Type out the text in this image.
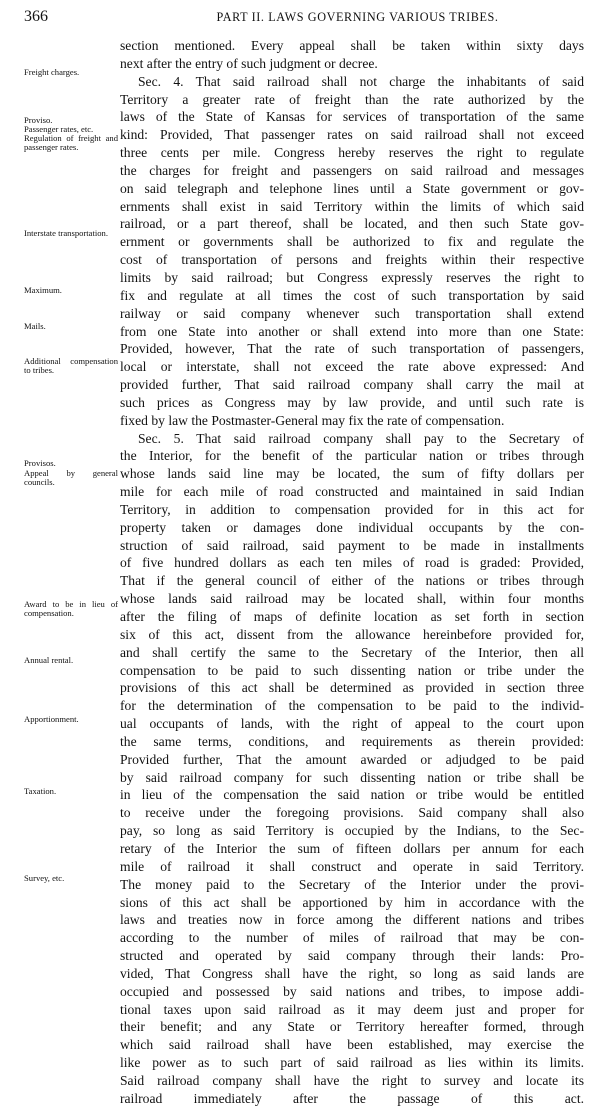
366	PART II. LAWS GOVERNING VARIOUS TRIBES.
section mentioned. Every appeal shall be taken within sixty days
next after the entry of such judgment or decree.
Sec. 4. That said railroad shall not charge the inhabitants of said
Territory a greater rate of freight than the rate authorized by the
laws of the State of Kansas for services of transportation of the same
kind: Provided, That passenger rates on said railroad shall not exceed
three cents per mile. Congress hereby reserves the right to regulate
the charges for freight and passengers on said railroad and messages
on said telegraph and telephone lines until a State government or gov-
ernments shall exist in said Territory within the limits of which said
railroad, or a part thereof, shall be located, and then such State gov-
ernment or governments shall be authorized to fix and regulate the
cost of transportation of persons and freights within their respective
limits by said railroad; but Congress expressly reserves the right to
fix and regulate at all times the cost of such transportation by said
railway or said company whenever such transportation shall extend
from one State into another or shall extend into more than one State:
Provided, however, That the rate of such transportation of passengers,
local or interstate, shall not exceed the rate above expressed: And
provided further, That said railroad company shall carry the mail at
such prices as Congress may by law provide, and until such rate is
fixed by law the Postmaster-General may fix the rate of compensation.
Sec. 5. That said railroad company shall pay to the Secretary of
the Interior, for the benefit of the particular nation or tribes through
whose lands said line may be located, the sum of fifty dollars per
mile for each mile of road constructed and maintained in said Indian
Territory, in addition to compensation provided for in this act for
property taken or damages done individual occupants by the con-
struction of said railroad, said payment to be made in installments
of five hundred dollars as each ten miles of road is graded: Provided,
That if the general council of either of the nations or tribes through
whose lands said railroad may be located shall, within four months
after the filing of maps of definite location as set forth in section
six of this act, dissent from the allowance hereinbefore provided for,
and shall certify the same to the Secretary of the Interior, then all
compensation to be paid to such dissenting nation or tribe under the
provisions of this act shall be determined as provided in section three
for the determination of the compensation to be paid to the individ-
ual occupants of lands, with the right of appeal to the court upon
the same terms, conditions, and requirements as therein provided:
Provided further, That the amount awarded or adjudged to be paid
by said railroad company for such dissenting nation or tribe shall be
in lieu of the compensation the said nation or tribe would be entitled
to receive under the foregoing provisions. Said company shall also
pay, so long as said Territory is occupied by the Indians, to the Sec-
retary of the Interior the sum of fifteen dollars per annum for each
mile of railroad it shall construct and operate in said Territory.
The money paid to the Secretary of the Interior under the provi-
sions of this act shall be apportioned by him in accordance with the
laws and treaties now in force among the different nations and tribes
according to the number of miles of railroad that may be con-
structed and operated by said company through their lands: Pro-
vided, That Congress shall have the right, so long as said lands are
occupied and possessed by said nations and tribes, to impose addi-
tional taxes upon said railroad as it may deem just and proper for
their benefit; and any State or Territory hereafter formed, through
which said railroad shall have been established, may exercise the
like power as to such part of said railroad as lies within its limits.
Said railroad company shall have the right to survey and locate its
railroad immediately after the passage of this act.
Freight charges.
Proviso.
Passenger rates, etc.
Regulation of freight and passenger rates.
Interstate transportation.
Maximum.
Mails.
Additional compensation to tribes.
Provisos.
Appeal by general councils.
Award to be in lieu of compensation.
Annual rental.
Apportionment.
Taxation.
Survey, etc.
